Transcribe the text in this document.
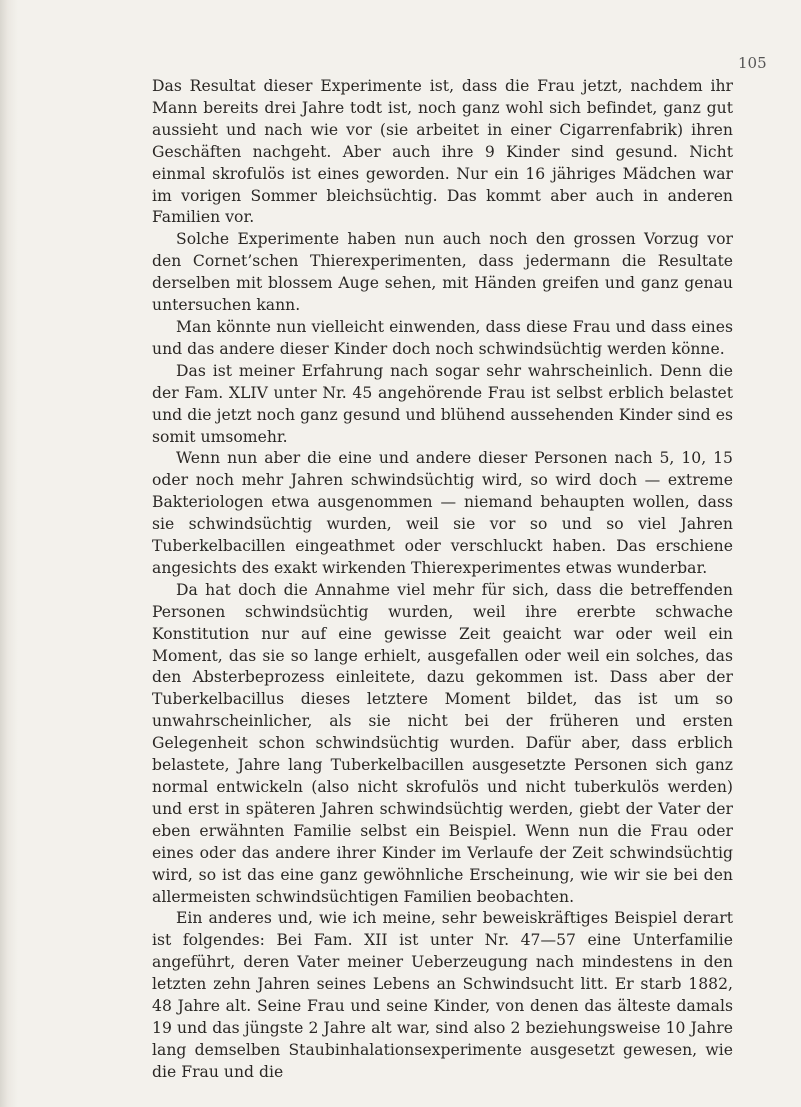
105

Das Resultat dieser Experimente ist, dass die Frau jetzt, nachdem ihr Mann bereits drei Jahre todt ist, noch ganz wohl sich befindet, ganz gut aussieht und nach wie vor (sie arbeitet in einer Cigarrenfabrik) ihren Geschäften nachgeht. Aber auch ihre 9 Kinder sind gesund. Nicht einmal skrofulös ist eines geworden. Nur ein 16 jähriges Mädchen war im vorigen Sommer bleichsüchtig. Das kommt aber auch in anderen Familien vor.

Solche Experimente haben nun auch noch den grossen Vorzug vor den Cornet’schen Thierexperimenten, dass jedermann die Resultate derselben mit blossem Auge sehen, mit Händen greifen und ganz genau untersuchen kann.

Man könnte nun vielleicht einwenden, dass diese Frau und dass eines und das andere dieser Kinder doch noch schwindsüchtig werden könne.

Das ist meiner Erfahrung nach sogar sehr wahrscheinlich. Denn die der Fam. XLIV unter Nr. 45 angehörende Frau ist selbst erblich belastet und die jetzt noch ganz gesund und blühend aussehenden Kinder sind es somit umsomehr.

Wenn nun aber die eine und andere dieser Personen nach 5, 10, 15 oder noch mehr Jahren schwindsüchtig wird, so wird doch — extreme Bakteriologen etwa ausgenommen — niemand behaupten wollen, dass sie schwindsüchtig wurden, weil sie vor so und so viel Jahren Tuberkelbacillen eingeathmet oder verschluckt haben. Das erschiene angesichts des exakt wirkenden Thierexperimentes etwas wunderbar.

Da hat doch die Annahme viel mehr für sich, dass die betreffenden Personen schwindsüchtig wurden, weil ihre ererbte schwache Konstitution nur auf eine gewisse Zeit geaicht war oder weil ein Moment, das sie so lange erhielt, ausgefallen oder weil ein solches, das den Absterbeprozess einleitete, dazu gekommen ist. Dass aber der Tuberkelbacillus dieses letztere Moment bildet, das ist um so unwahrscheinlicher, als sie nicht bei der früheren und ersten Gelegenheit schon schwindsüchtig wurden. Dafür aber, dass erblich belastete, Jahre lang Tuberkelbacillen ausgesetzte Personen sich ganz normal entwickeln (also nicht skrofulös und nicht tuberkulös werden) und erst in späteren Jahren schwindsüchtig werden, giebt der Vater der eben erwähnten Familie selbst ein Beispiel. Wenn nun die Frau oder eines oder das andere ihrer Kinder im Verlaufe der Zeit schwindsüchtig wird, so ist das eine ganz gewöhnliche Erscheinung, wie wir sie bei den allermeisten schwindsüchtigen Familien beobachten.

Ein anderes und, wie ich meine, sehr beweiskräftiges Beispiel derart ist folgendes: Bei Fam. XII ist unter Nr. 47—57 eine Unterfamilie angeführt, deren Vater meiner Ueberzeugung nach mindestens in den letzten zehn Jahren seines Lebens an Schwindsucht litt. Er starb 1882, 48 Jahre alt. Seine Frau und seine Kinder, von denen das älteste damals 19 und das jüngste 2 Jahre alt war, sind also 2 beziehungsweise 10 Jahre lang demselben Staubinhalationsexperimente ausgesetzt gewesen, wie die Frau und die
